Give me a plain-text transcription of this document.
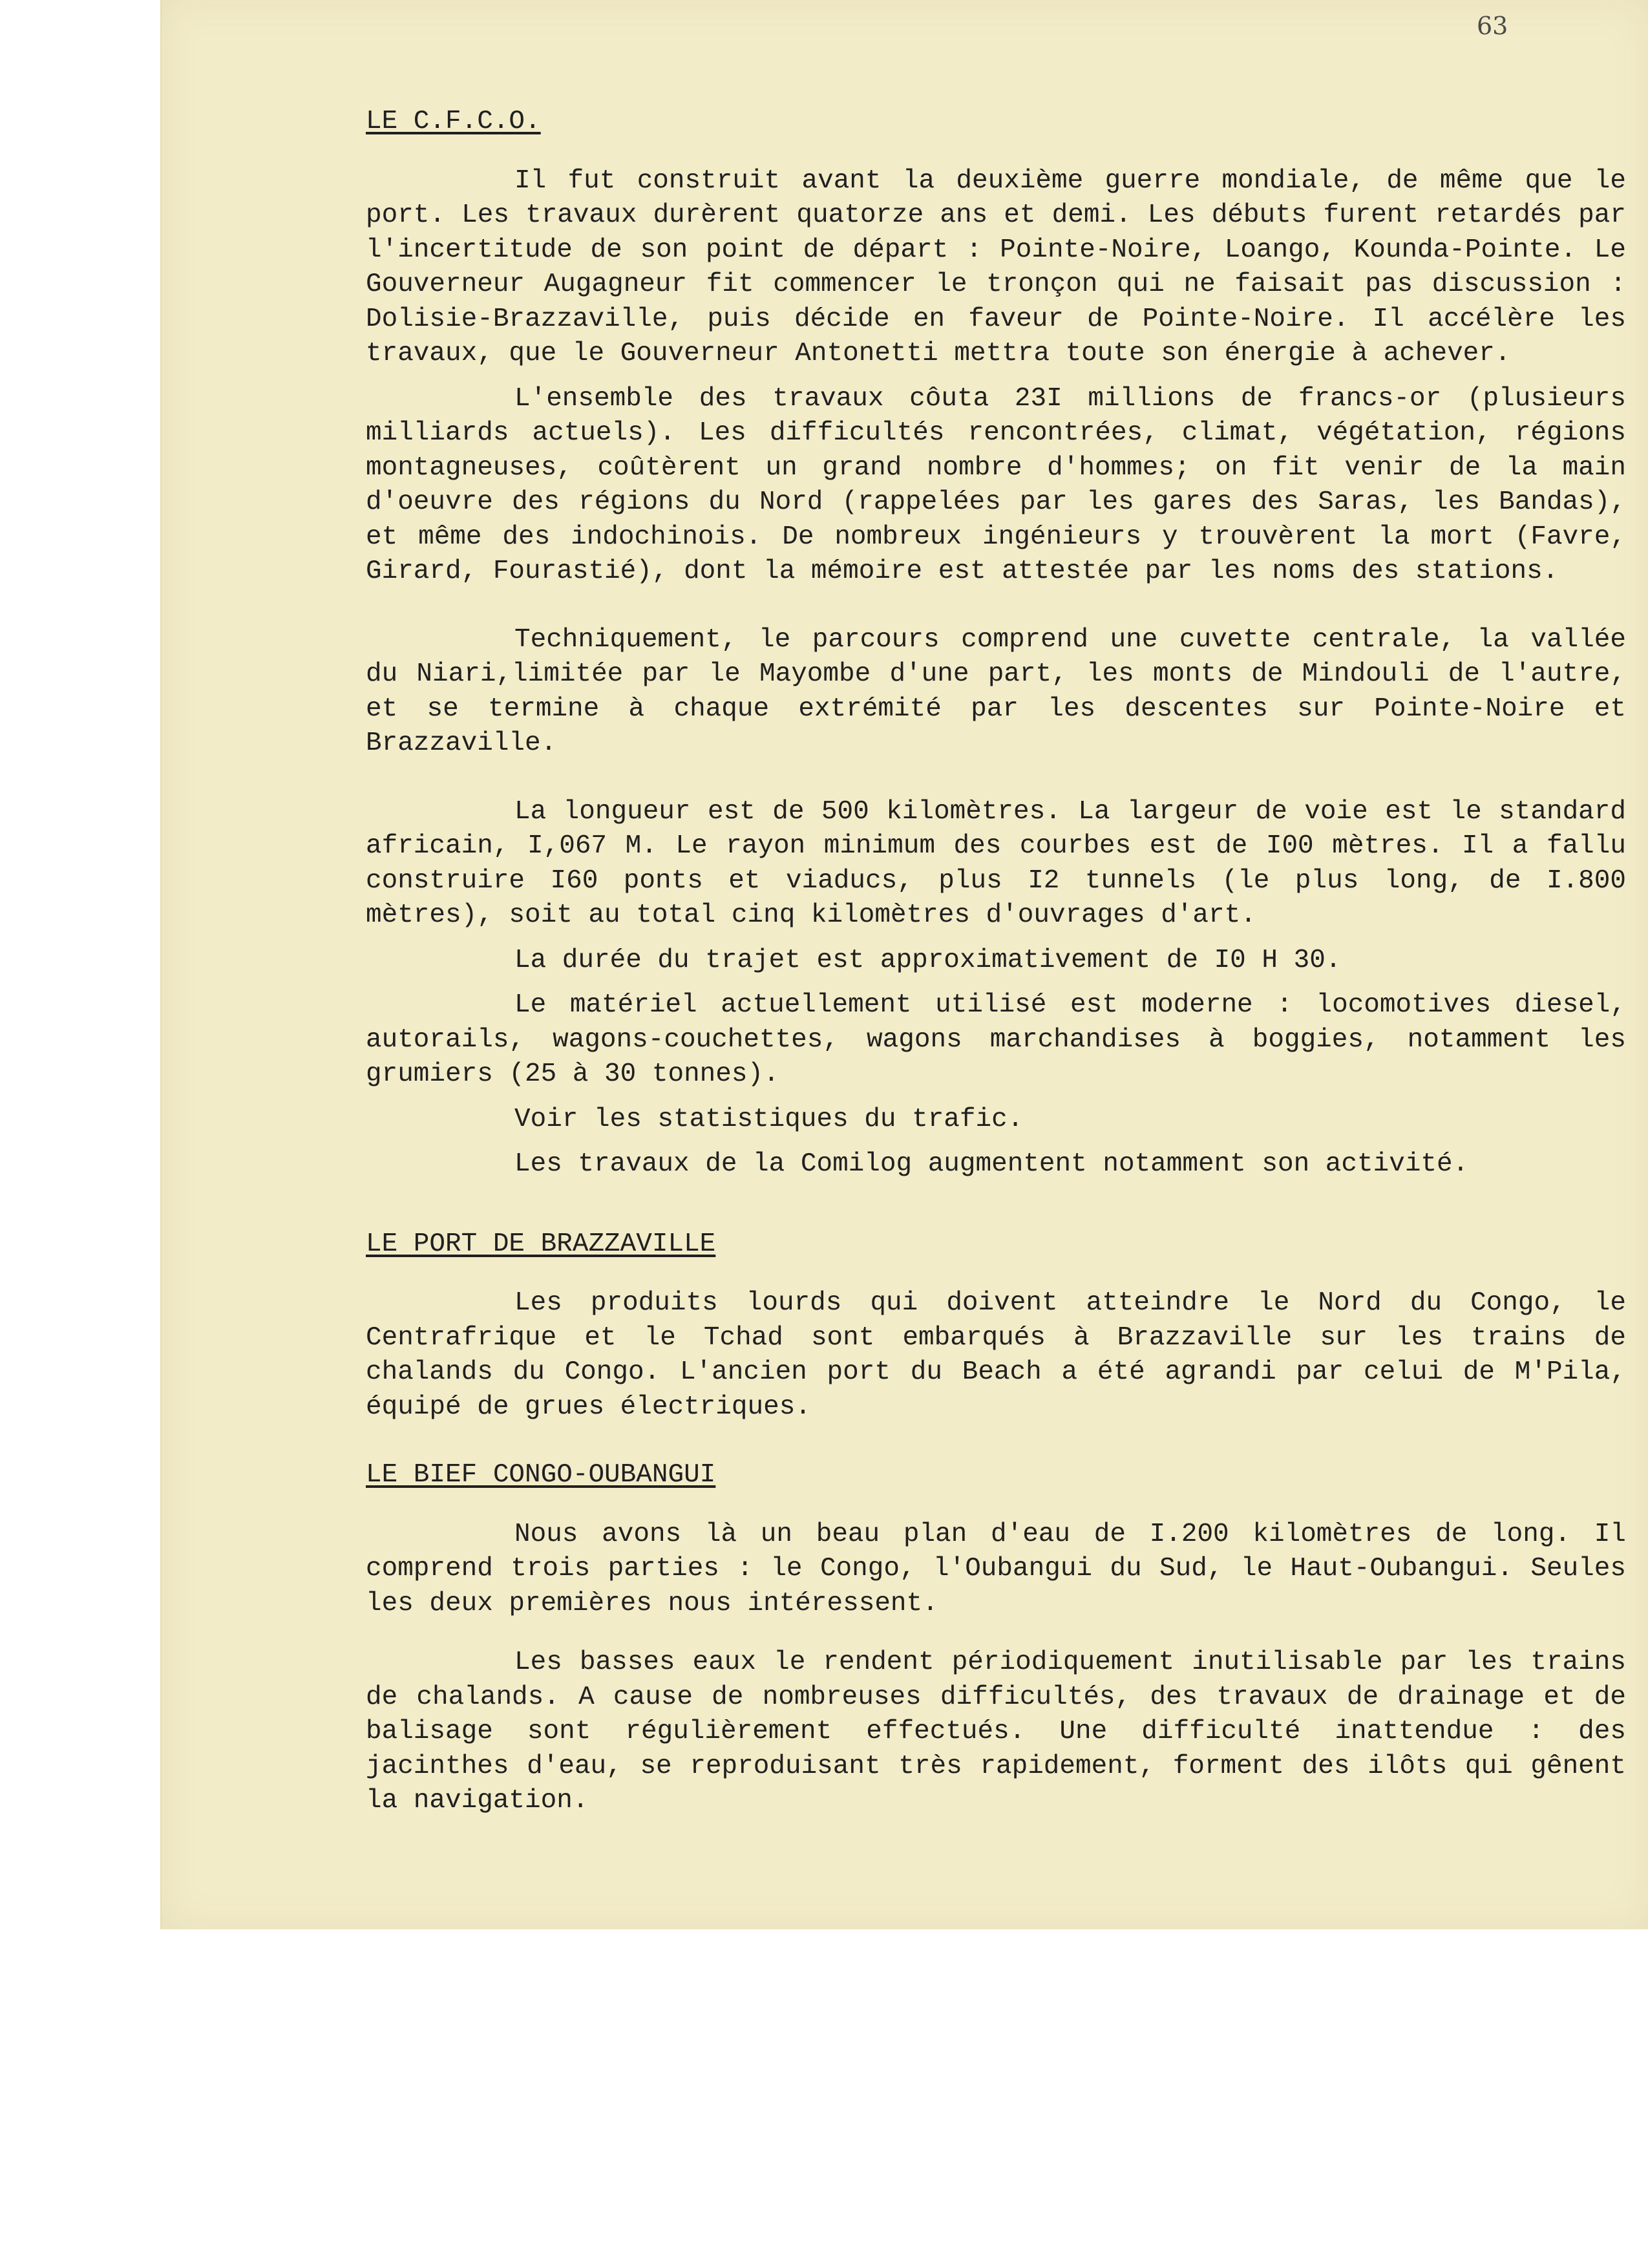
63
LE C.F.C.O.

Il fut construit avant la deuxième guerre mondiale, de même que le port. Les travaux durèrent quatorze ans et demi. Les débuts furent retardés par l'incertitude de son point de départ : Pointe-Noire, Loango, Kounda-Pointe. Le Gouverneur Augagneur fit commencer le tronçon qui ne faisait pas discussion : Dolisie-Brazzaville, puis décide en faveur de Pointe-Noire. Il accélère les travaux, que le Gouverneur Antonetti mettra toute son énergie à achever.

L'ensemble des travaux côuta 23I millions de francs-or (plusieurs milliards actuels). Les difficultés rencontrées, climat, végétation, régions montagneuses, coûtèrent un grand nombre d'hommes; on fit venir de la main d'oeuvre des régions du Nord (rappelées par les gares des Saras, les Bandas), et même des indochinois. De nombreux ingénieurs y trouvèrent la mort (Favre, Girard, Fourastié), dont la mémoire est attestée par les noms des stations.

Techniquement, le parcours comprend une cuvette centrale, la vallée du Niari,limitée par le Mayombe d'une part, les monts de Mindouli de l'autre, et se termine à chaque extrémité par les descentes sur Pointe-Noire et Brazzaville.

La longueur est de 500 kilomètres. La largeur de voie est le standard africain, I,067 M. Le rayon minimum des courbes est de I00 mètres. Il a fallu construire I60 ponts et viaducs, plus I2 tunnels (le plus long, de I.800 mètres), soit au total cinq kilomètres d'ouvrages d'art.

La durée du trajet est approximativement de I0 H 30.

Le matériel actuellement utilisé est moderne : locomotives diesel, autorails, wagons-couchettes, wagons marchandises à boggies, notamment les grumiers (25 à 30 tonnes).

Voir les statistiques du trafic.

Les travaux de la Comilog augmentent notamment son activité.

LE PORT DE BRAZZAVILLE

Les produits lourds qui doivent atteindre le Nord du Congo, le Centrafrique et le Tchad sont embarqués à Brazzaville sur les trains de chalands du Congo. L'ancien port du Beach a été agrandi par celui de M'Pila, équipé de grues électriques.

LE BIEF CONGO-OUBANGUI

Nous avons là un beau plan d'eau de I.200 kilomètres de long. Il comprend trois parties : le Congo, l'Oubangui du Sud, le Haut-Oubangui. Seules les deux premières nous intéressent.

Les basses eaux le rendent périodiquement inutilisable par les trains de chalands. A cause de nombreuses difficultés, des travaux de drainage et de balisage sont régulièrement effectués. Une difficulté inattendue : des jacinthes d'eau, se reproduisant très rapidement, forment des ilôts qui gênent la navigation.
